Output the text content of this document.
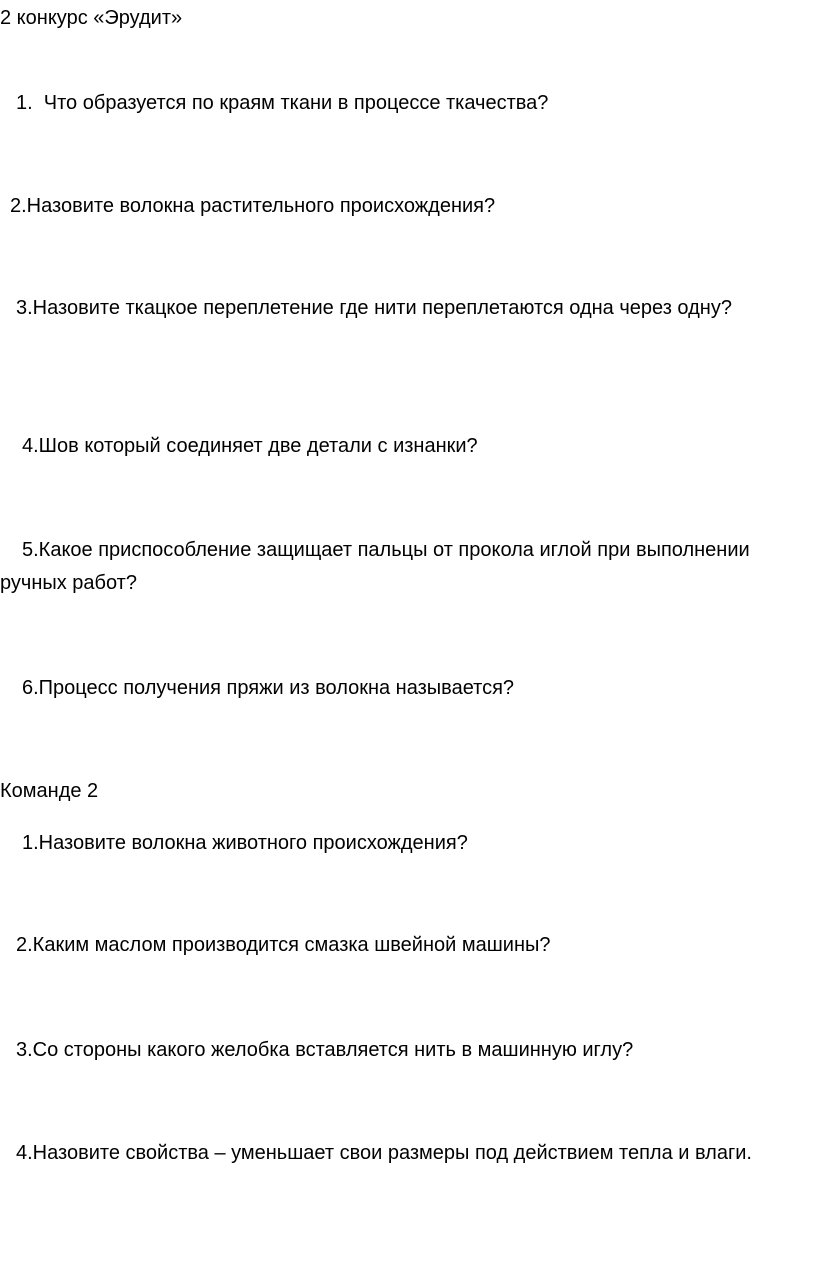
2 конкурс «Эрудит»

1.  Что образуется по краям ткани в процессе ткачества?

2.Назовите волокна растительного происхождения?

3.Назовите ткацкое переплетение где нити переплетаются одна через одну?

4.Шов который соединяет две детали с изнанки?

5.Какое приспособление защищает пальцы от прокола иглой при выполнении ручных работ?

6.Процесс получения пряжи из волокна называется?

Команде 2

1.Назовите волокна животного происхождения?

2.Каким маслом производится смазка швейной машины?

3.Со стороны какого желобка вставляется нить в машинную иглу?

4.Назовите свойства – уменьшает свои размеры под действием тепла и влаги.
